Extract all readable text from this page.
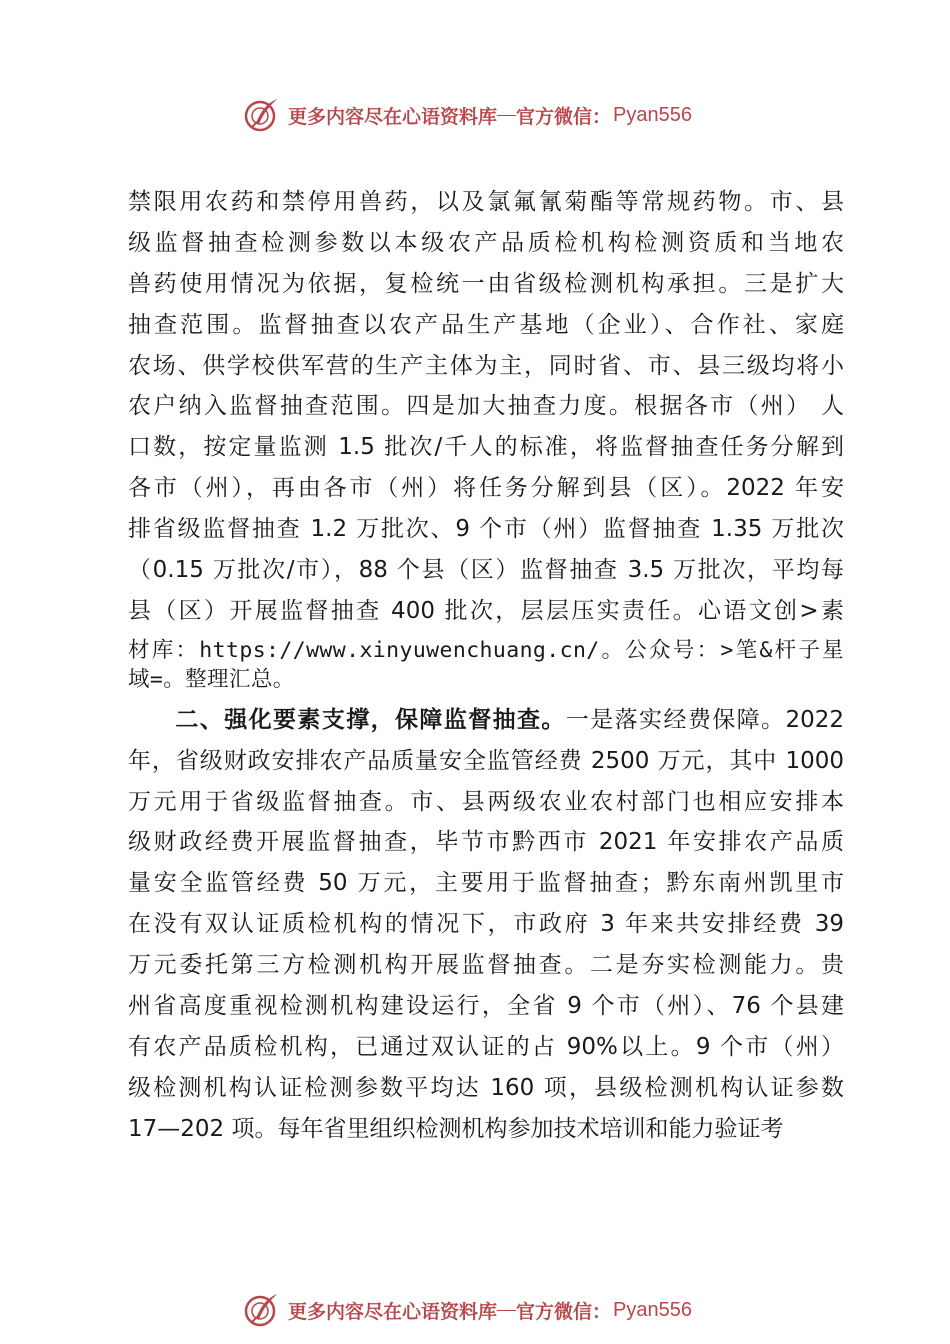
更多内容尽在心语资料库 — 官方微信： Pyan556
禁限用农药和禁停用兽药，以及氯氟氰菊酯等常规药物。市、县
级监督抽查检测参数以本级农产品质检机构检测资质和当地农
兽药使用情况为依据，复检统一由省级检测机构承担。三是扩大
抽查范围。监督抽查以农产品生产基地（企业）、合作社、家庭
农场、供学校供军营的生产主体为主，同时省、市、县三级均将小
农户纳入监督抽查范围。四是加大抽查力度。根据各市（州） 人
口数，按定量监测 1.5 批次/千人的标准，将监督抽查任务分解到
各市（州），再由各市（州）将任务分解到县（区）。2022 年安
排省级监督抽查 1.2 万批次、9 个市（州）监督抽查 1.35 万批次
（0.15 万批次/市），88 个县（区）监督抽查 3.5 万批次，平均每
县（区）开展监督抽查 400 批次，层层压实责任。心语文创>素
材库：https://www.xinyuwenchuang.cn/。公众号：>笔&杆子星
域=。整理汇总。
二、强化要素支撑，保障监督抽查。一是落实经费保障。2022
年，省级财政安排农产品质量安全监管经费 2500 万元，其中 1000
万元用于省级监督抽查。市、县两级农业农村部门也相应安排本
级财政经费开展监督抽查，毕节市黔西市 2021 年安排农产品质
量安全监管经费 50 万元，主要用于监督抽查；黔东南州凯里市
在没有双认证质检机构的情况下，市政府 3 年来共安排经费 39
万元委托第三方检测机构开展监督抽查。二是夯实检测能力。贵
州省高度重视检测机构建设运行，全省 9 个市（州）、76 个县建
有农产品质检机构，已通过双认证的占 90%以上。9 个市（州）
级检测机构认证检测参数平均达 160 项，县级检测机构认证参数
17—202 项。每年省里组织检测机构参加技术培训和能力验证考
更多内容尽在心语资料库 — 官方微信： Pyan556
